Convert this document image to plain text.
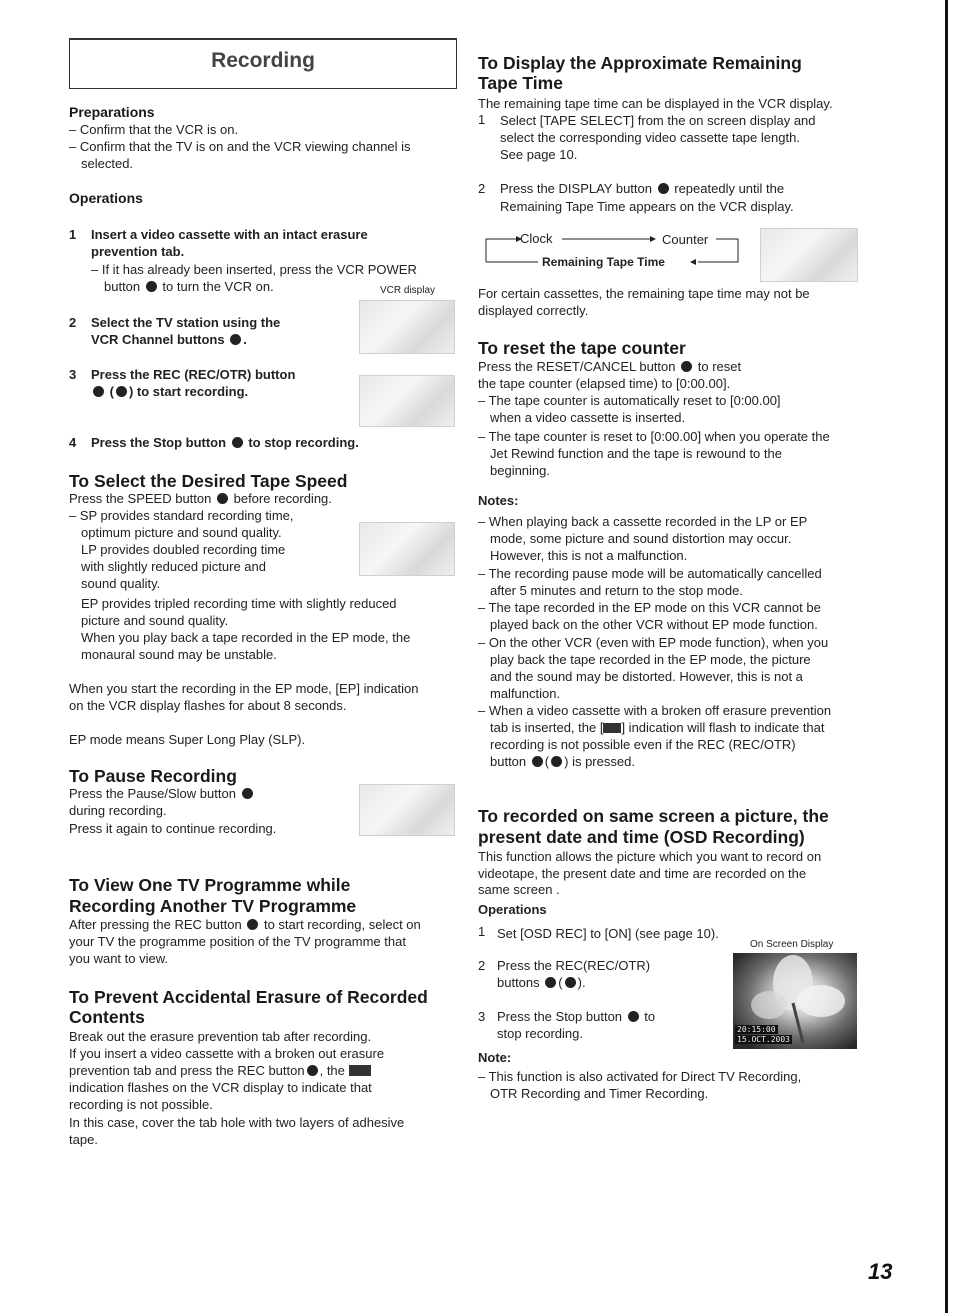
Recording
Preparations
– Confirm that the VCR is on.
– Confirm that the TV is on and the VCR viewing channel is
selected.
Operations
1 Insert a video cassette with an intact erasure
prevention tab.
– If it has already been inserted, press the VCR POWER
button to turn the VCR on.	VCR display
2 Select the TV station using the
VCR Channel buttons .
3 Press the REC (REC/OTR) button
( ) to start recording.
4 Press the Stop button to stop recording.
To Select the Desired Tape Speed
Press the SPEED button before recording.
– SP provides standard recording time,
optimum picture and sound quality.
LP provides doubled recording time
with slightly reduced picture and
sound quality.
EP provides tripled recording time with slightly reduced
picture and sound quality.
When you play back a tape recorded in the EP mode, the
monaural sound may be unstable.
When you start the recording in the EP mode, [EP] indication
on the VCR display flashes for about 8 seconds.
EP mode means Super Long Play (SLP).
To Pause Recording
Press the Pause/Slow button
during recording.
Press it again to continue recording.
To View One TV Programme while
Recording Another TV Programme
After pressing the REC button to start recording, select on
your TV the programme position of the TV programme that
you want to view.
To Prevent Accidental Erasure of Recorded
Contents
Break out the erasure prevention tab after recording.
If you insert a video cassette with a broken out erasure
prevention tab and press the REC button , the
indication flashes on the VCR display to indicate that
recording is not possible.
In this case, cover the tab hole with two layers of adhesive
tape.
To Display the Approximate Remaining
Tape Time
The remaining tape time can be displayed in the VCR display.
1 Select [TAPE SELECT] from the on screen display and
select the corresponding video cassette tape length.
See page 10.
2 Press the DISPLAY button repeatedly until the
Remaining Tape Time appears on the VCR display.
Clock	Counter
Remaining Tape Time
For certain cassettes, the remaining tape time may not be
displayed correctly.
To reset the tape counter
Press the RESET/CANCEL button to reset
the tape counter (elapsed time) to [0:00.00].
– The tape counter is automatically reset to [0:00.00]
when a video cassette is inserted.
– The tape counter is reset to [0:00.00] when you operate the
Jet Rewind function and the tape is rewound to the
beginning.
Notes:
– When playing back a cassette recorded in the LP or EP
mode, some picture and sound distortion may occur.
However, this is not a malfunction.
– The recording pause mode will be automatically cancelled
after 5 minutes and return to the stop mode.
– The tape recorded in the EP mode on this VCR cannot be
played back on the other VCR without EP mode function.
– On the other VCR (even with EP mode function), when you
play back the tape recorded in the EP mode, the picture
and the sound may be distorted. However, this is not a
malfunction.
– When a video cassette with a broken off erasure prevention
tab is inserted, the [ ] indication will flash to indicate that
recording is not possible even if the REC (REC/OTR)
button ( ) is pressed.
To recorded on same screen a picture, the
present date and time (OSD Recording)
This function allows the picture which you want to record on
videotape, the present date and time are recorded on the
same screen .
Operations
1 Set [OSD REC] to [ON] (see page 10).
On Screen Display
2 Press the REC(REC/OTR)
buttons ( ).
3 Press the Stop button to
stop recording.	20:15:00
15.OCT.2003
Note:
– This function is also activated for Direct TV Recording,
OTR Recording and Timer Recording.
13
